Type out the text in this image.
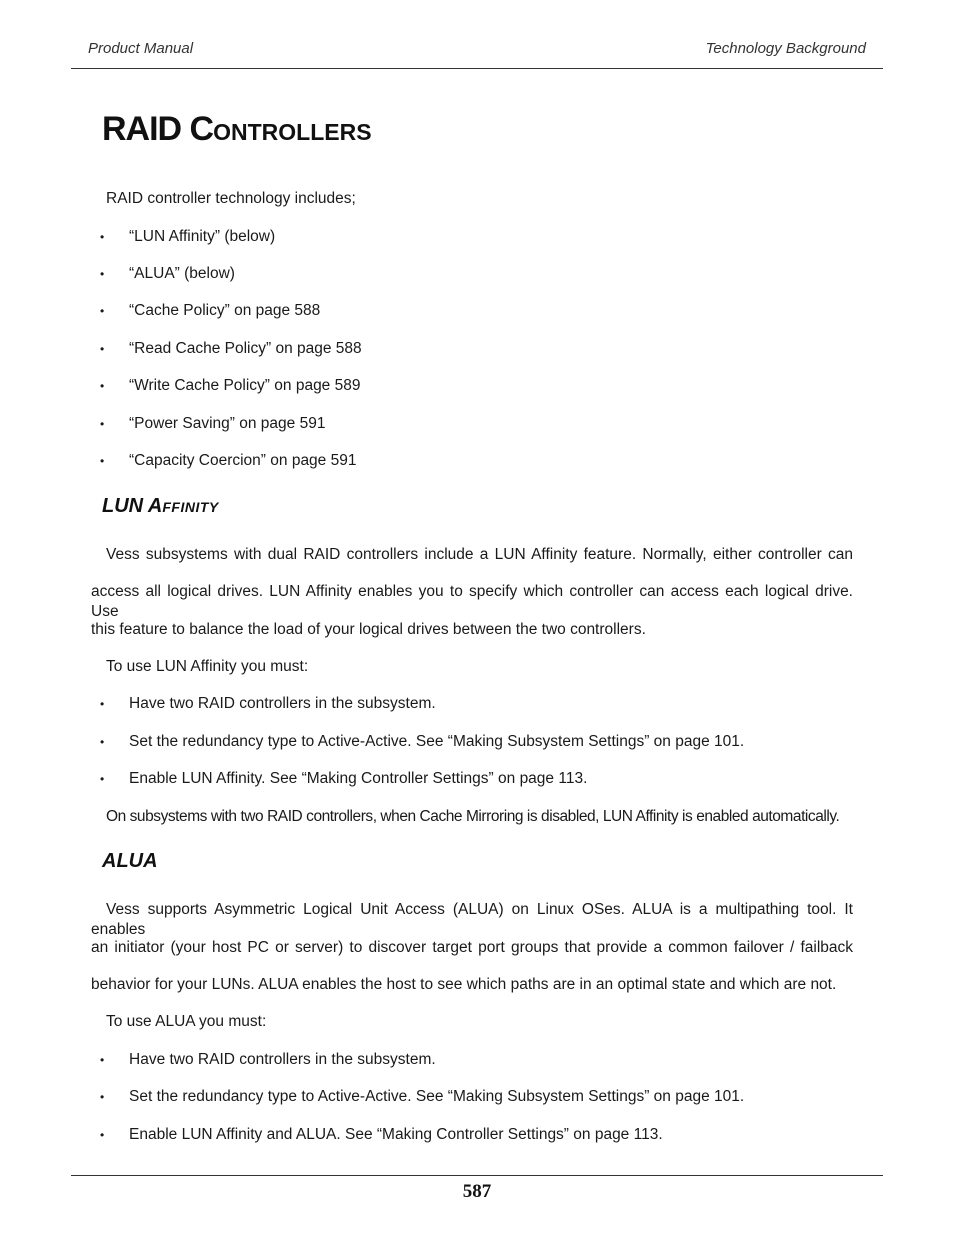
Product Manual	Technology Background
RAID CONTROLLERS

RAID controller technology includes;

• “LUN Affinity” (below)
• “ALUA” (below)
• “Cache Policy” on page 588
• “Read Cache Policy” on page 588
• “Write Cache Policy” on page 589
• “Power Saving” on page 591
• “Capacity Coercion” on page 591
LUN AFFINITY

Vess subsystems with dual RAID controllers include a LUN Affinity feature. Normally, either controller can

access all logical drives. LUN Affinity enables you to specify which controller can access each logical drive. Use

this feature to balance the load of your logical drives between the two controllers.

To use LUN Affinity you must:

• Have two RAID controllers in the subsystem.
• Set the redundancy type to Active-Active. See “Making Subsystem Settings” on page 101.
• Enable LUN Affinity. See “Making Controller Settings” on page 113.

On subsystems with two RAID controllers, when Cache Mirroring is disabled, LUN Affinity is enabled automatically.

ALUA

Vess supports Asymmetric Logical Unit Access (ALUA) on Linux OSes. ALUA is a multipathing tool. It enables

an initiator (your host PC or server) to discover target port groups that provide a common failover / failback

behavior for your LUNs. ALUA enables the host to see which paths are in an optimal state and which are not.

To use ALUA you must:

• Have two RAID controllers in the subsystem.
• Set the redundancy type to Active-Active. See “Making Subsystem Settings” on page 101.
• Enable LUN Affinity and ALUA. See “Making Controller Settings” on page 113.
587
